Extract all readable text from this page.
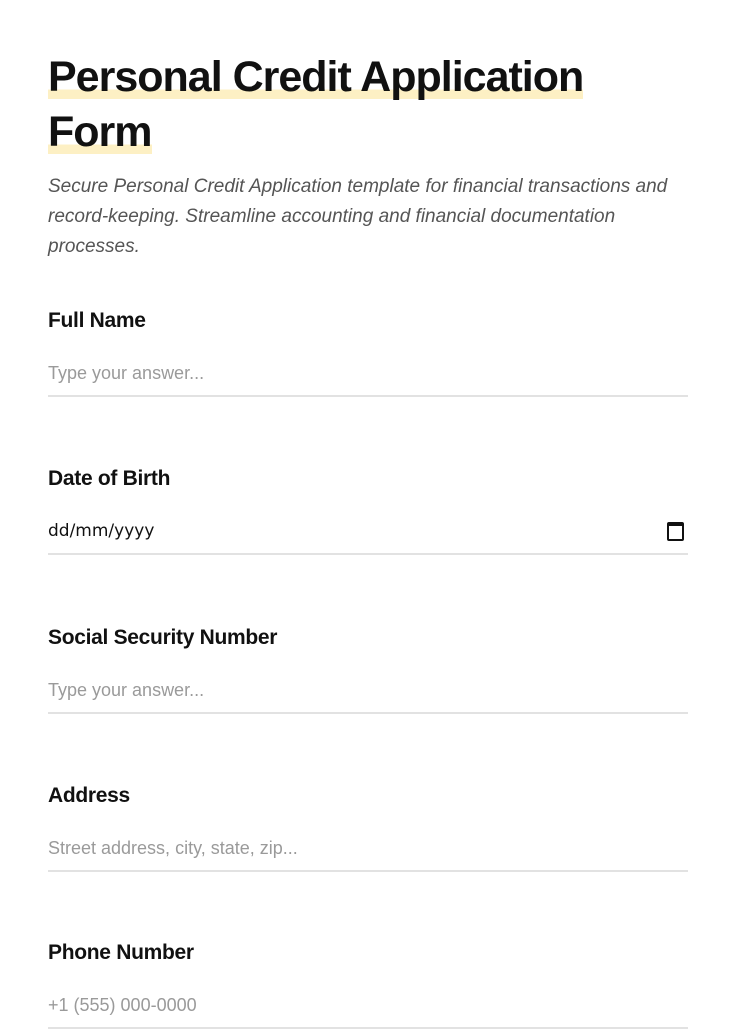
Personal Credit Application Form

Secure Personal Credit Application template for financial transactions and record-keeping. Streamline accounting and financial documentation processes.

Full Name
Type your answer...
Date of Birth
dd/mm/yyyy
Social Security Number
Type your answer...
Address
Street address, city, state, zip...
Phone Number
+1 (555) 000-0000
